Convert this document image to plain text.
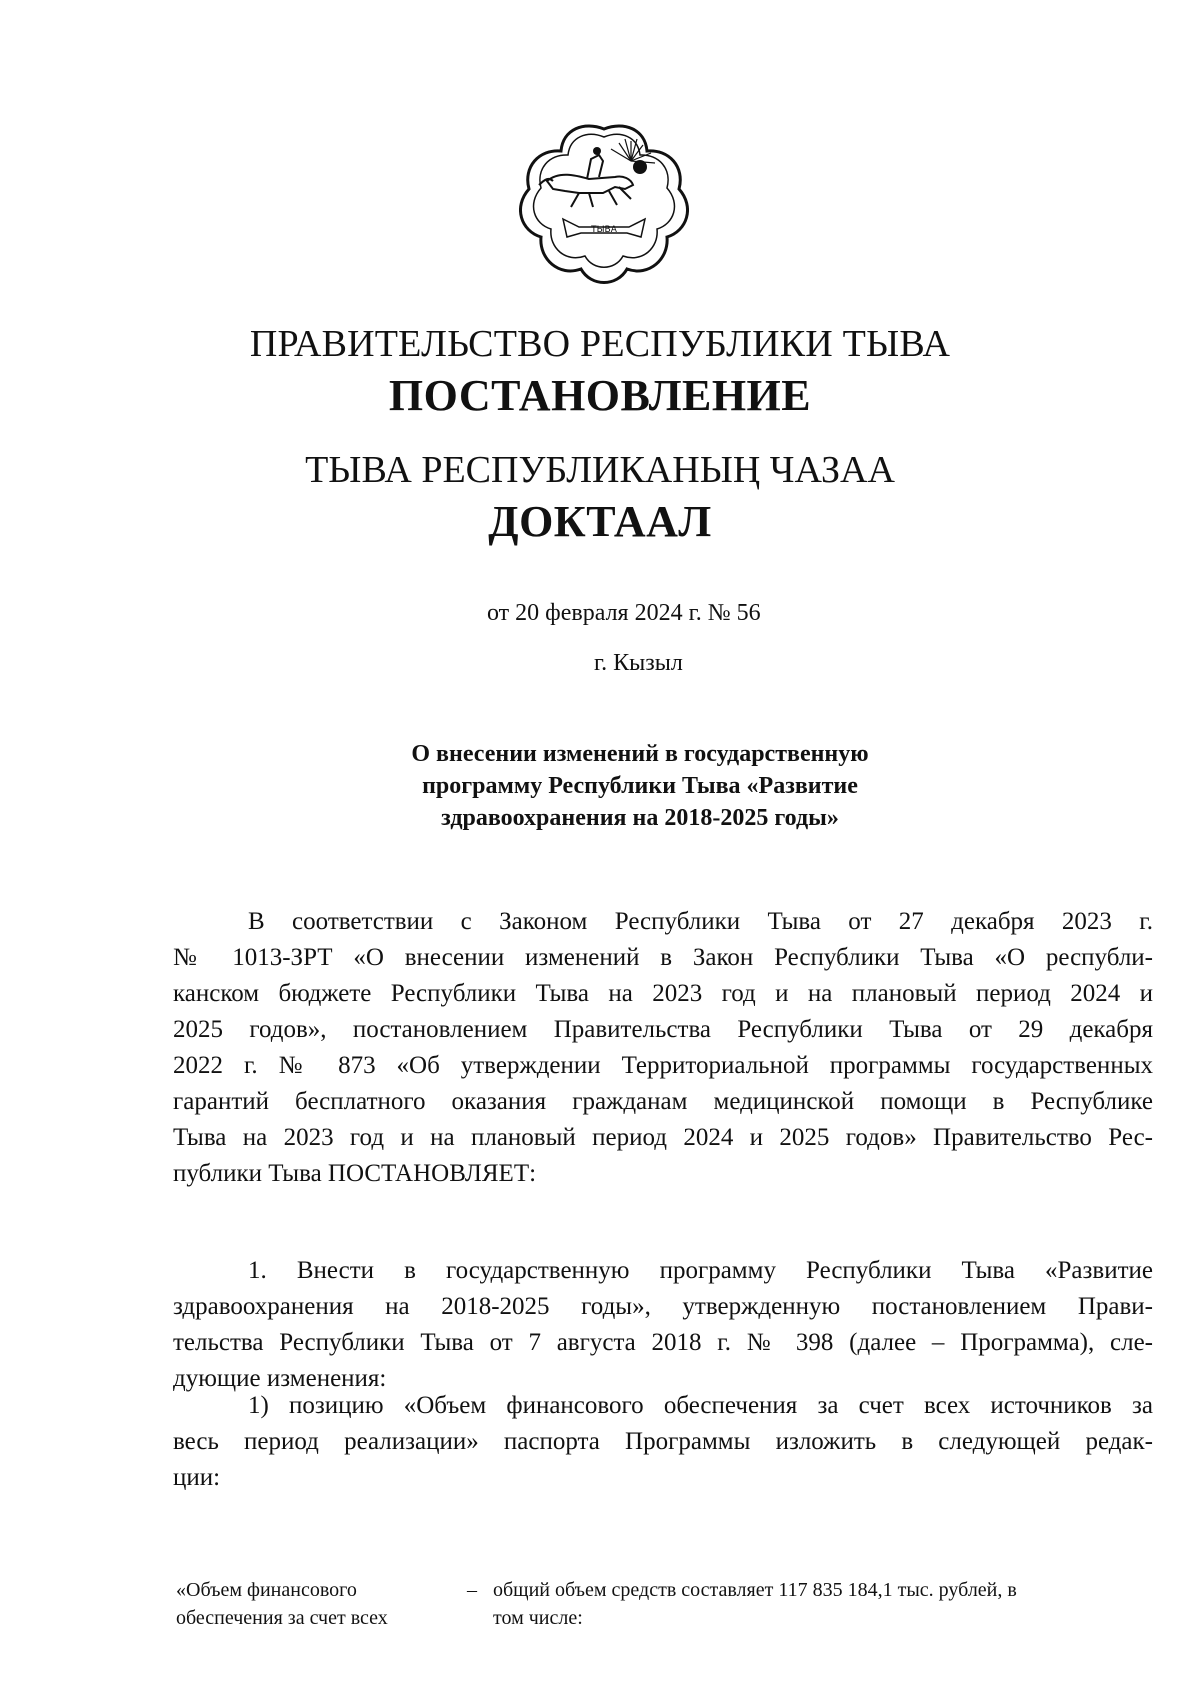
ТЫВА
ПРАВИТЕЛЬСТВО РЕСПУБЛИКИ ТЫВА
ПОСТАНОВЛЕНИЕ
ТЫВА РЕСПУБЛИКАНЫҢ ЧАЗАА
ДОКТААЛ
от 20 февраля 2024 г. № 56
г. Кызыл
О внесении изменений в государственную
программу Республики Тыва «Развитие
здравоохранения на 2018-2025 годы»
В соответствии с Законом Республики Тыва от 27 декабря 2023 г.
№ 1013-ЗРТ «О внесении изменений в Закон Республики Тыва «О республи-
канском бюджете Республики Тыва на 2023 год и на плановый период 2024 и
2025 годов», постановлением Правительства Республики Тыва от 29 декабря
2022 г. № 873 «Об утверждении Территориальной программы государственных
гарантий бесплатного оказания гражданам медицинской помощи в Республике
Тыва на 2023 год и на плановый период 2024 и 2025 годов» Правительство Рес-
публики Тыва ПОСТАНОВЛЯЕТ:
1. Внести в государственную программу Республики Тыва «Развитие
здравоохранения на 2018-2025 годы», утвержденную постановлением Прави-
тельства Республики Тыва от 7 августа 2018 г. № 398 (далее – Программа), сле-
дующие изменения:
1) позицию «Объем финансового обеспечения за счет всех источников за
весь период реализации» паспорта Программы изложить в следующей редак-
ции:
«Объем финансового
обеспечения за счет всех
– общий объем средств составляет 117 835 184,1 тыс. рублей, в
том числе:
